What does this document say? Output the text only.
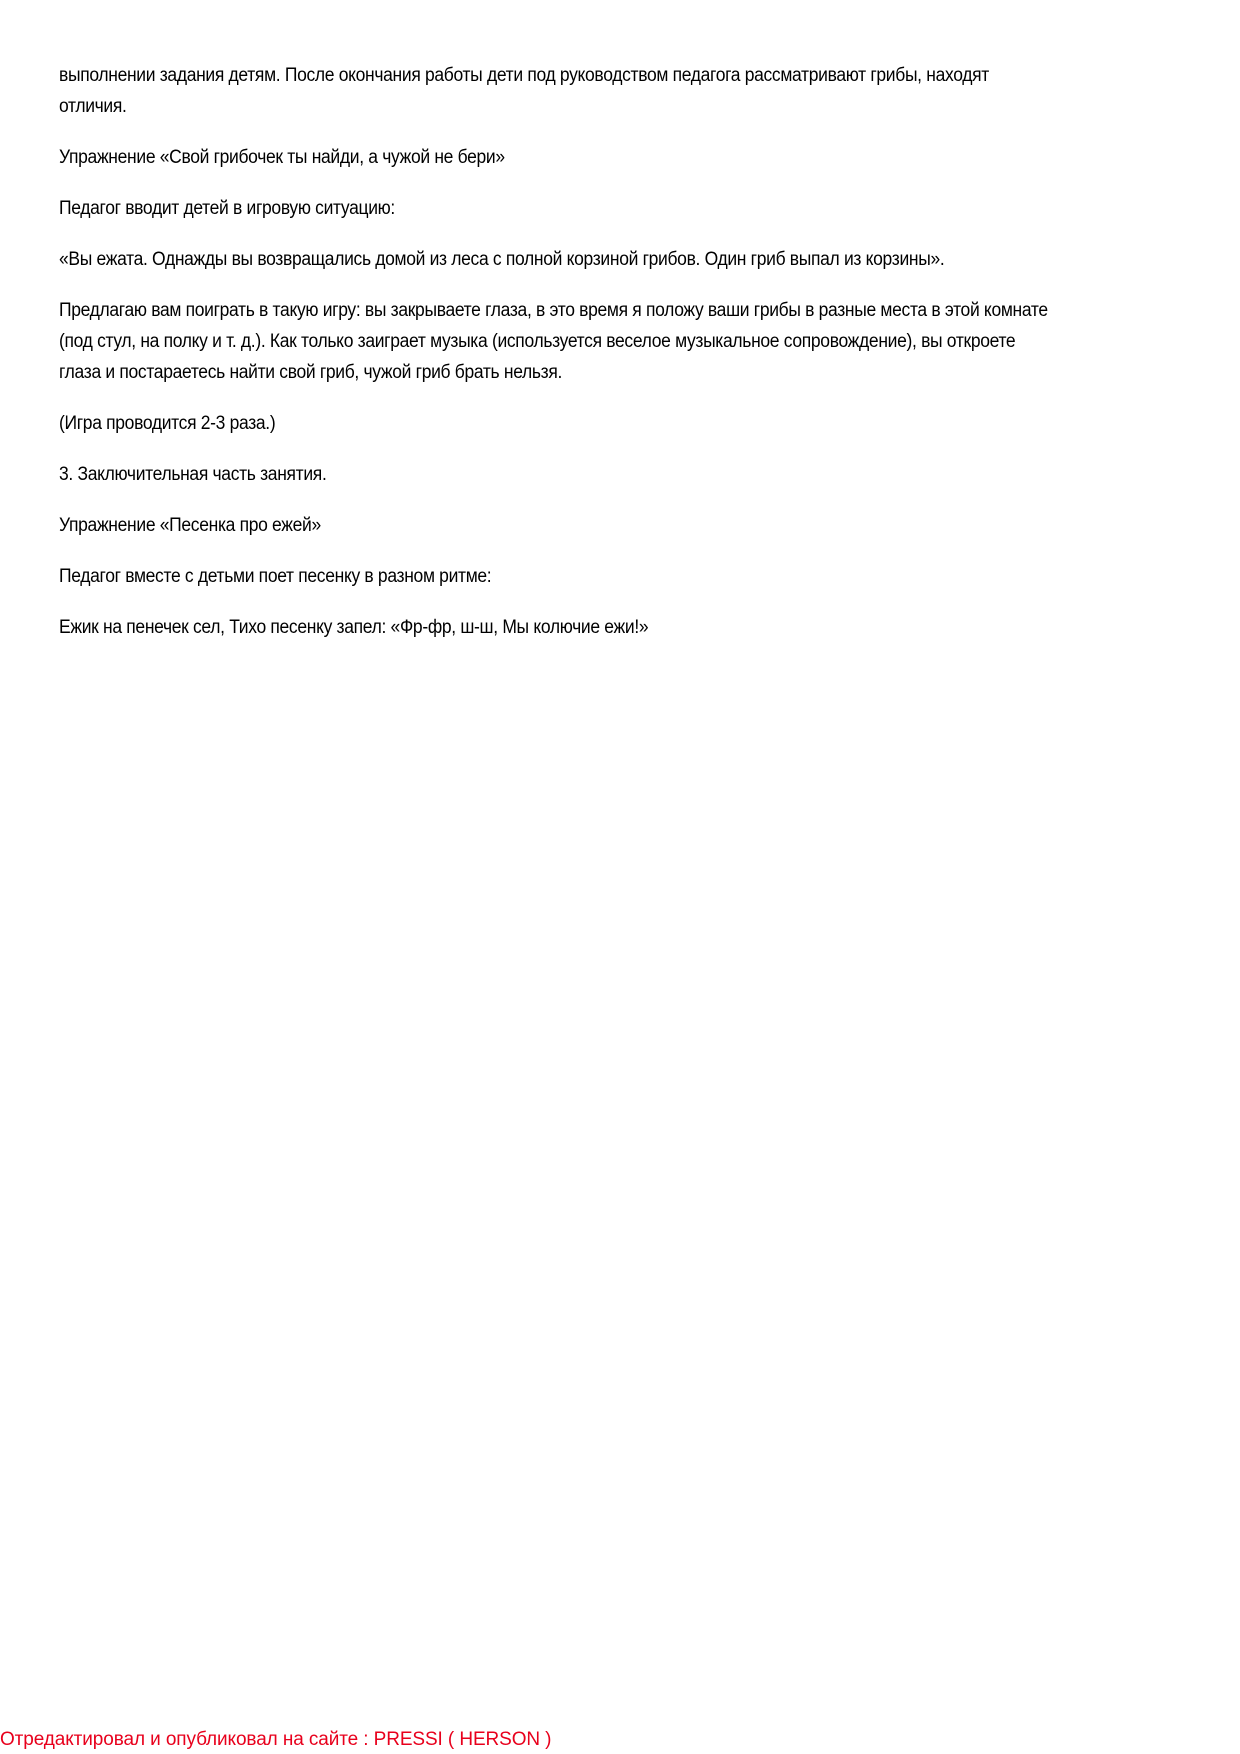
выполнении задания детям. После окончания работы дети под руководством педагога рассматривают грибы, находят
отличия.

Упражнение «Свой грибочек ты найди, а чужой не бери»

Педагог вводит детей в игровую ситуацию:

«Вы ежата. Однажды вы возвращались домой из леса с полной корзиной грибов. Один гриб выпал из корзины».

Предлагаю вам поиграть в такую игру: вы закрываете глаза, в это время я положу ваши грибы в разные места в этой комнате
(под стул, на полку и т. д.). Как только заиграет музыка (используется веселое музыкальное сопровождение), вы откроете
глаза и постараетесь найти свой гриб, чужой гриб брать нельзя.

(Игра проводится 2-3 раза.)

3. Заключительная часть занятия.

Упражнение «Песенка про ежей»

Педагог вместе с детьми поет песенку в разном ритме:

Ежик на пенечек сел, Тихо песенку запел: «Фр-фр, ш-ш, Мы колючие ежи!»

Отредактировал и опубликовал на сайте : PRESSI ( HERSON )
